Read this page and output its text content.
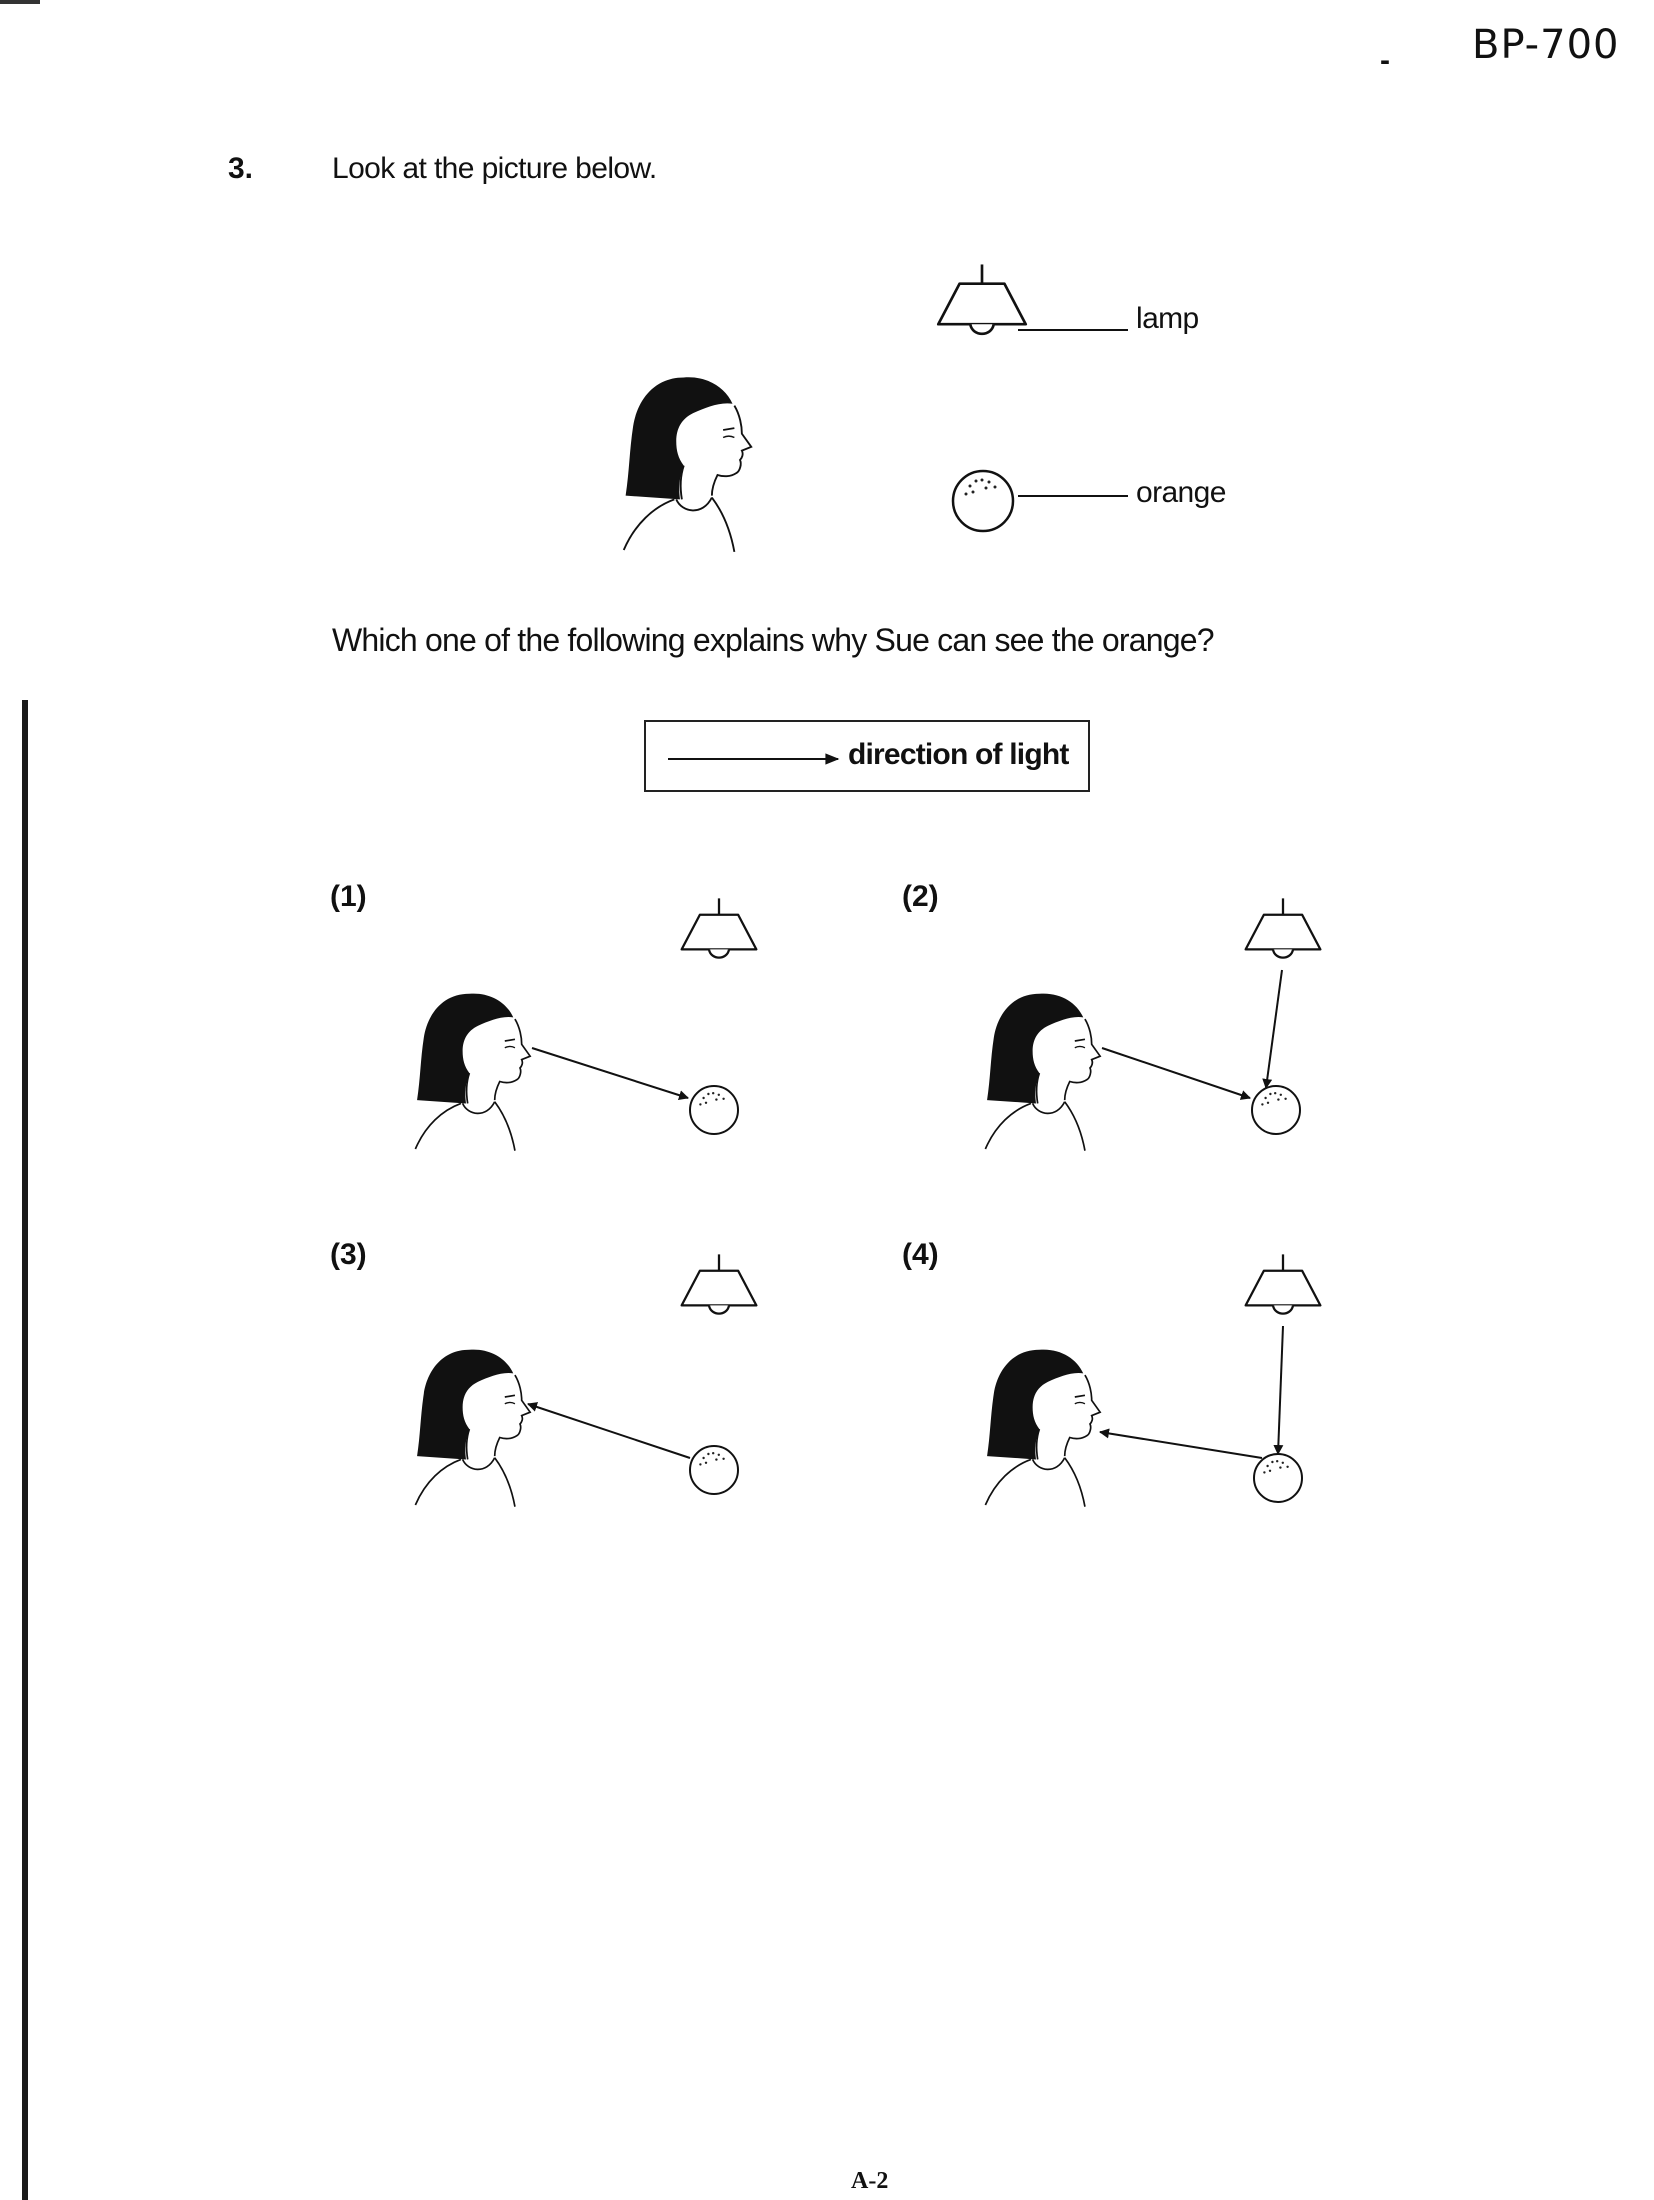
- BP-700
3.	Look at the picture below.
lamp
orange
Which one of the following explains why Sue can see the orange?
direction of light
(1)	(2)
(3)	(4)
A-2
